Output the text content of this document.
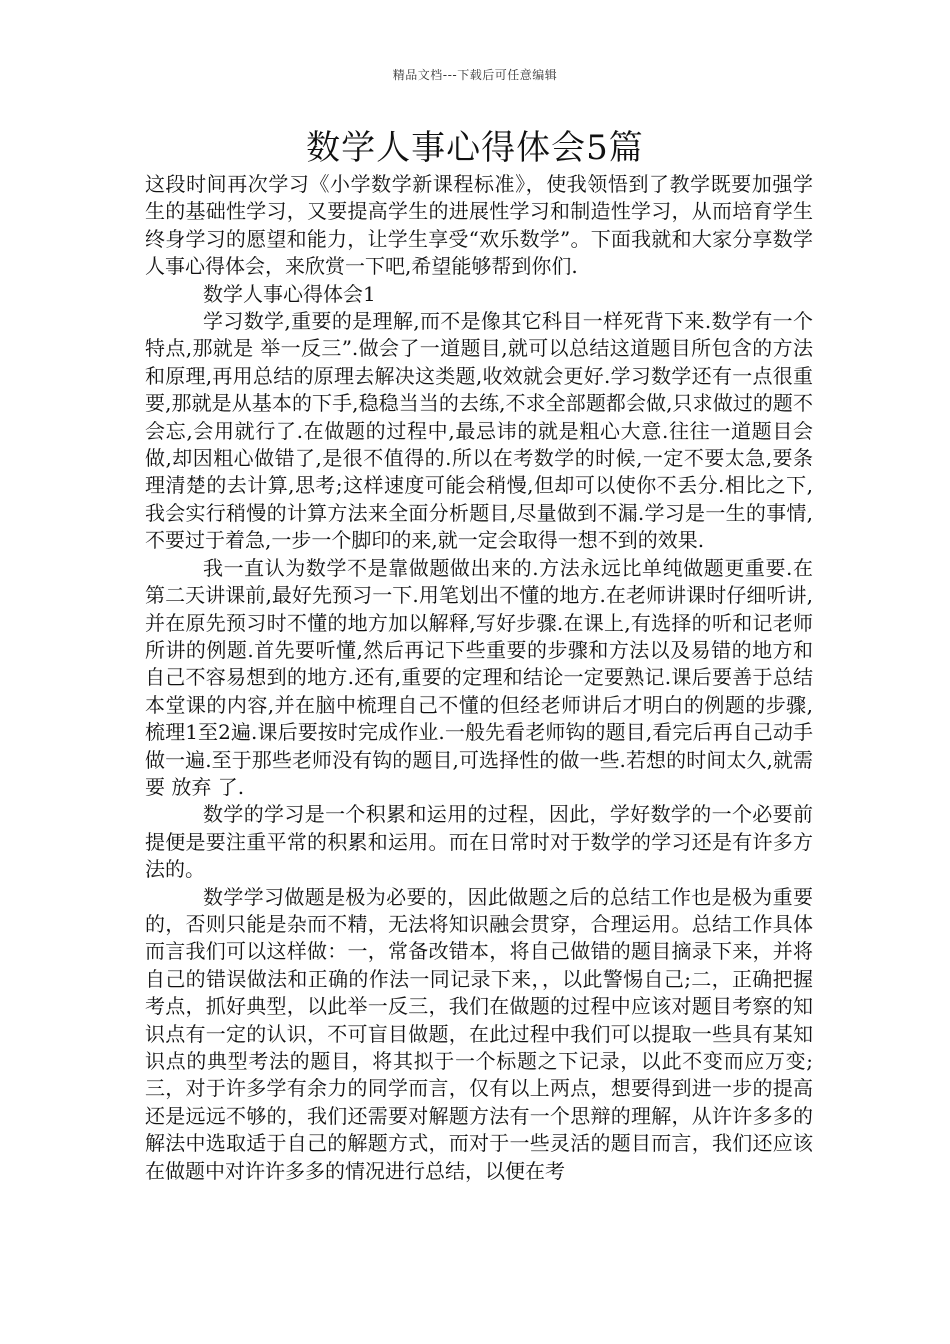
精品文档---下载后可任意编辑
数学人事心得体会5篇

这段时间再次学习《小学数学新课程标准》，使我领悟到了教学既要加强学生的基础性学习，又要提高学生的进展性学习和制造性学习，从而培育学生终身学习的愿望和能力，让学生享受“欢乐数学”。下面我就和大家分享数学人事心得体会，来欣赏一下吧,希望能够帮到你们.

数学人事心得体会1

学习数学,重要的是理解,而不是像其它科目一样死背下来.数学有一个特点,那就是 举一反三”.做会了一道题目,就可以总结这道题目所包含的方法和原理,再用总结的原理去解决这类题,收效就会更好.学习数学还有一点很重要,那就是从基本的下手,稳稳当当的去练,不求全部题都会做,只求做过的题不会忘,会用就行了.在做题的过程中,最忌讳的就是粗心大意.往往一道题目会做,却因粗心做错了,是很不值得的.所以在考数学的时候,一定不要太急,要条理清楚的去计算,思考;这样速度可能会稍慢,但却可以使你不丢分.相比之下,我会实行稍慢的计算方法来全面分析题目,尽量做到不漏.学习是一生的事情,不要过于着急,一步一个脚印的来,就一定会取得一想不到的效果.

我一直认为数学不是靠做题做出来的.方法永远比单纯做题更重要.在第二天讲课前,最好先预习一下.用笔划出不懂的地方.在老师讲课时仔细听讲,并在原先预习时不懂的地方加以解释,写好步骤.在课上,有选择的听和记老师所讲的例题.首先要听懂,然后再记下些重要的步骤和方法以及易错的地方和自己不容易想到的地方.还有,重要的定理和结论一定要熟记.课后要善于总结本堂课的内容,并在脑中梳理自己不懂的但经老师讲后才明白的例题的步骤,梳理1至2遍.课后要按时完成作业.一般先看老师钩的题目,看完后再自己动手做一遍.至于那些老师没有钩的题目,可选择性的做一些.若想的时间太久,就需要 放弃 了.

数学的学习是一个积累和运用的过程，因此，学好数学的一个必要前提便是要注重平常的积累和运用。而在日常时对于数学的学习还是有许多方法的。

数学学习做题是极为必要的，因此做题之后的总结工作也是极为重要的，否则只能是杂而不精，无法将知识融会贯穿，合理运用。总结工作具体而言我们可以这样做：一，常备改错本，将自己做错的题目摘录下来，并将自己的错误做法和正确的作法一同记录下来，，以此警惕自己;二，正确把握考点，抓好典型，以此举一反三，我们在做题的过程中应该对题目考察的知识点有一定的认识，不可盲目做题，在此过程中我们可以提取一些具有某知识点的典型考法的题目，将其拟于一个标题之下记录，以此不变而应万变;三，对于许多学有余力的同学而言，仅有以上两点，想要得到进一步的提高还是远远不够的，我们还需要对解题方法有一个思辩的理解，从许许多多的解法中选取适于自己的解题方式，而对于一些灵活的题目而言，我们还应该在做题中对许许多多的情况进行总结，以便在考
